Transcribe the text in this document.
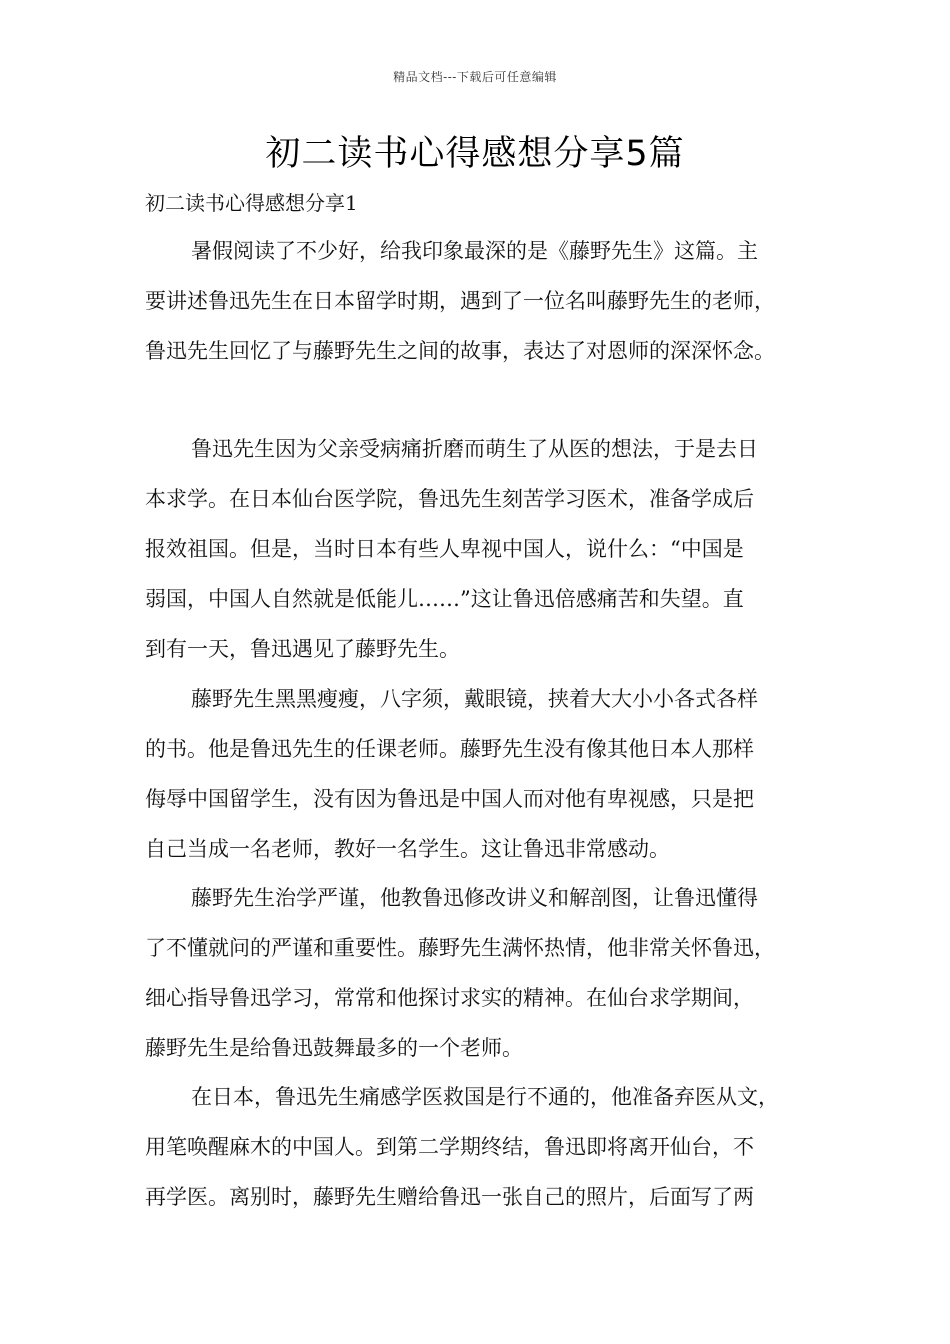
精品文档---下载后可任意编辑
初二读书心得感想分享5篇
初二读书心得感想分享1
暑假阅读了不少好，给我印象最深的是《藤野先生》这篇。主
要讲述鲁迅先生在日本留学时期，遇到了一位名叫藤野先生的老师，
鲁迅先生回忆了与藤野先生之间的故事，表达了对恩师的深深怀念。
鲁迅先生因为父亲受病痛折磨而萌生了从医的想法，于是去日
本求学。在日本仙台医学院，鲁迅先生刻苦学习医术，准备学成后
报效祖国。但是，当时日本有些人卑视中国人，说什么：“中国是
弱国，中国人自然就是低能儿……”这让鲁迅倍感痛苦和失望。直
到有一天，鲁迅遇见了藤野先生。
藤野先生黑黑瘦瘦，八字须，戴眼镜，挟着大大小小各式各样
的书。他是鲁迅先生的任课老师。藤野先生没有像其他日本人那样
侮辱中国留学生，没有因为鲁迅是中国人而对他有卑视感，只是把
自己当成一名老师，教好一名学生。这让鲁迅非常感动。
藤野先生治学严谨，他教鲁迅修改讲义和解剖图，让鲁迅懂得
了不懂就问的严谨和重要性。藤野先生满怀热情，他非常关怀鲁迅，
细心指导鲁迅学习，常常和他探讨求实的精神。在仙台求学期间，
藤野先生是给鲁迅鼓舞最多的一个老师。
在日本，鲁迅先生痛感学医救国是行不通的，他准备弃医从文，
用笔唤醒麻木的中国人。到第二学期终结，鲁迅即将离开仙台，不
再学医。离别时，藤野先生赠给鲁迅一张自己的照片，后面写了两
